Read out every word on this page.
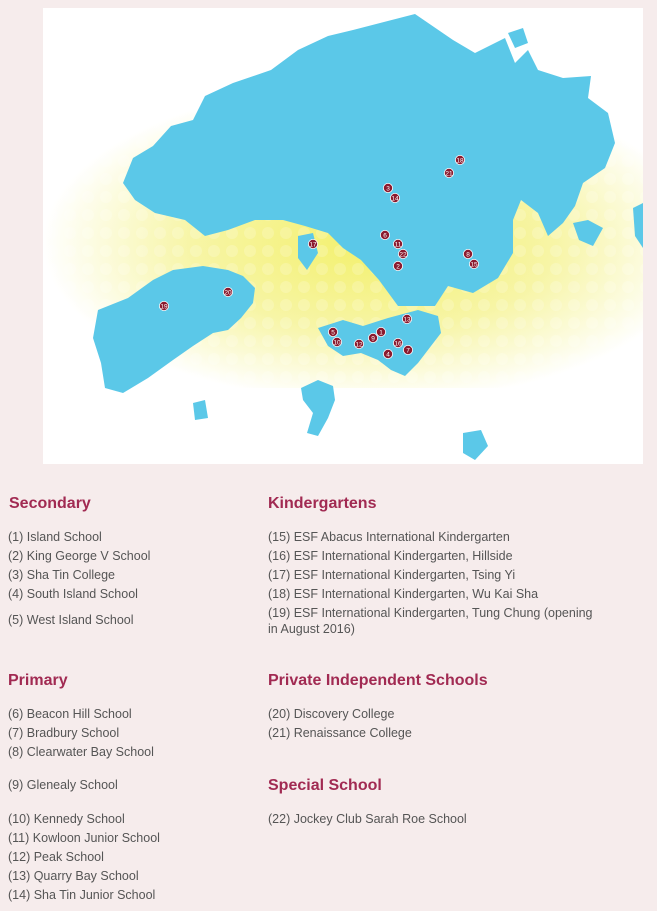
1
2
3
4
5
6
7
8
9
10
11
12
13
14
15
16
17
18
19
20
21
22
Secondary
(1) Island School
(2) King George V School
(3) Sha Tin College
(4) South Island School
(5) West Island School
Primary
(6) Beacon Hill School
(7) Bradbury School
(8) Clearwater Bay School
(9) Glenealy School
(10) Kennedy School
(11) Kowloon Junior School
(12) Peak School
(13) Quarry Bay School
(14) Sha Tin Junior School
Kindergartens
(15) ESF Abacus International Kindergarten
(16) ESF International Kindergarten, Hillside
(17) ESF International Kindergarten, Tsing Yi
(18) ESF International Kindergarten, Wu Kai Sha
(19) ESF International Kindergarten, Tung Chung (opening in August 2016)
Private Independent Schools
(20) Discovery College
(21) Renaissance College
Special School
(22) Jockey Club Sarah Roe School
